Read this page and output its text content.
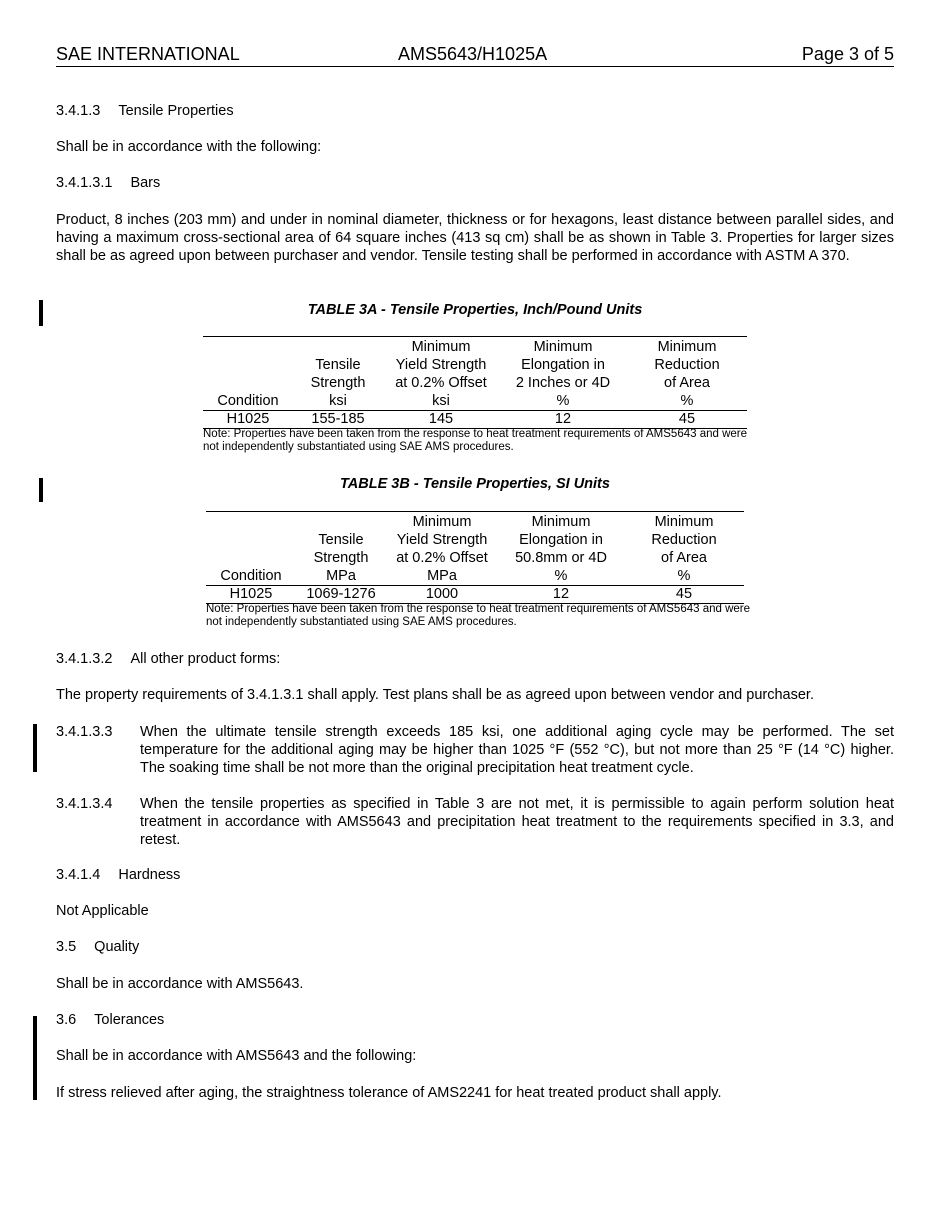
SAE INTERNATIONAL	AMS5643/H1025A	Page 3 of 5
3.4.1.3 Tensile Properties
Shall be in accordance with the following:
3.4.1.3.1 Bars
Product, 8 inches (203 mm) and under in nominal diameter, thickness or for hexagons, least distance between parallel sides, and having a maximum cross-sectional area of 64 square inches (413 sq cm) shall be as shown in Table 3. Properties for larger sizes shall be as agreed upon between purchaser and vendor. Tensile testing shall be performed in accordance with ASTM A 370.
TABLE 3A - Tensile Properties, Inch/Pound Units
		Minimum	Minimum	Minimum
	Tensile	Yield Strength	Elongation in	Reduction
	Strength	at 0.2% Offset	2 Inches or 4D	of Area
Condition	ksi	ksi	%	%
H1025	155-185	145	12	45
Note: Properties have been taken from the response to heat treatment requirements of AMS5643 and were not independently substantiated using SAE AMS procedures.
TABLE 3B - Tensile Properties, SI Units
		Minimum	Minimum	Minimum
	Tensile	Yield Strength	Elongation in	Reduction
	Strength	at 0.2% Offset	50.8mm or 4D	of Area
Condition	MPa	MPa	%	%
H1025	1069-1276	1000	12	45
Note: Properties have been taken from the response to heat treatment requirements of AMS5643 and were not independently substantiated using SAE AMS procedures.
3.4.1.3.2 All other product forms:
The property requirements of 3.4.1.3.1 shall apply. Test plans shall be as agreed upon between vendor and purchaser.
3.4.1.3.3 When the ultimate tensile strength exceeds 185 ksi, one additional aging cycle may be performed. The set temperature for the additional aging may be higher than 1025 °F (552 °C), but not more than 25 °F (14 °C) higher. The soaking time shall be not more than the original precipitation heat treatment cycle.
3.4.1.3.4 When the tensile properties as specified in Table 3 are not met, it is permissible to again perform solution heat treatment in accordance with AMS5643 and precipitation heat treatment to the requirements specified in 3.3, and retest.
3.4.1.4 Hardness
Not Applicable
3.5 Quality
Shall be in accordance with AMS5643.
3.6 Tolerances
Shall be in accordance with AMS5643 and the following:
If stress relieved after aging, the straightness tolerance of AMS2241 for heat treated product shall apply.
